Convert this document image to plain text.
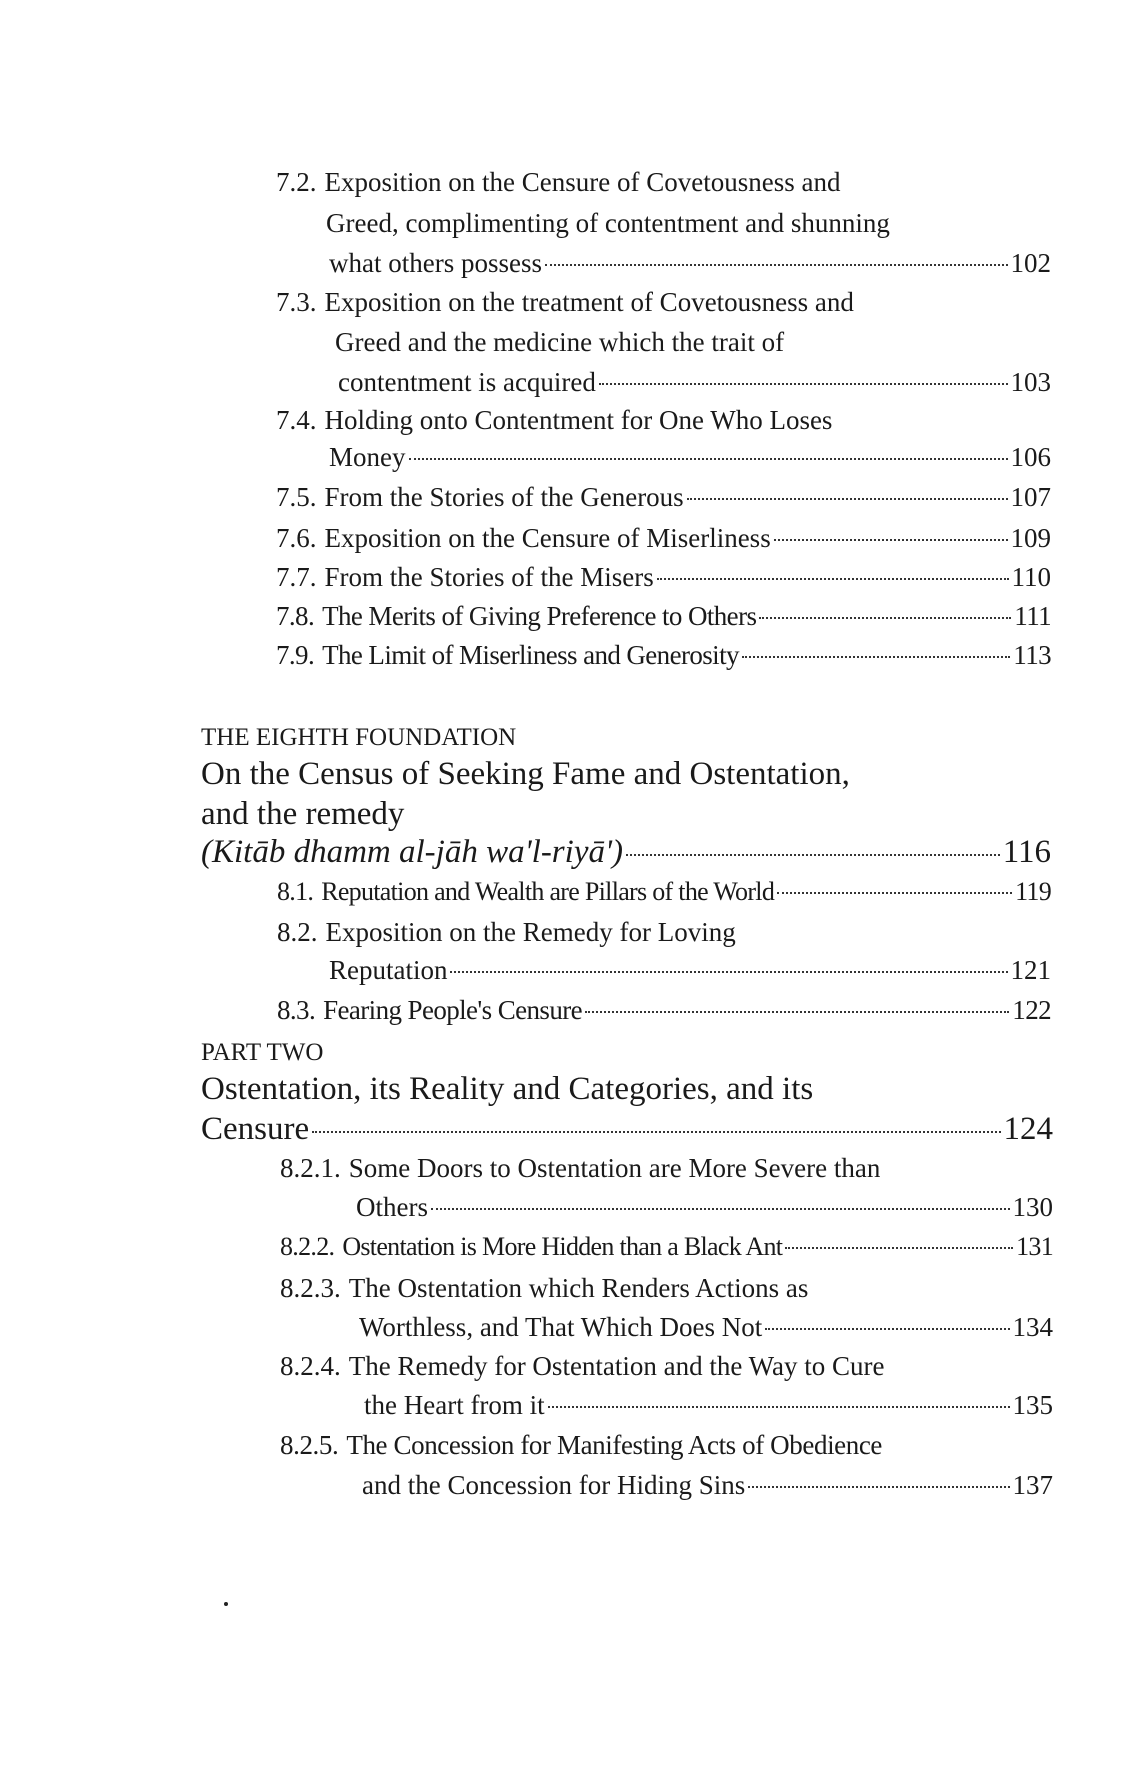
7.2. Exposition on the Censure of Covetousness and
Greed, complimenting of contentment and shunning
what others possess	102
7.3. Exposition on the treatment of Covetousness and
Greed and the medicine which the trait of
contentment is acquired	103
7.4. Holding onto Contentment for One Who Loses
Money	106
7.5. From the Stories of the Generous	107
7.6. Exposition on the Censure of Miserliness	109
7.7. From the Stories of the Misers	110
7.8. The Merits of Giving Preference to Others	111
7.9. The Limit of Miserliness and Generosity	113
THE EIGHTH FOUNDATION
On the Census of Seeking Fame and Ostentation,
and the remedy
(Kitāb dhamm al-jāh wa'l-riyā')	116
8.1. Reputation and Wealth are Pillars of the World	119
8.2. Exposition on the Remedy for Loving
Reputation	121
8.3. Fearing People's Censure	122
PART TWO
Ostentation, its Reality and Categories, and its
Censure	124
8.2.1. Some Doors to Ostentation are More Severe than
Others	130
8.2.2. Ostentation is More Hidden than a Black Ant	131
8.2.3. The Ostentation which Renders Actions as
Worthless, and That Which Does Not	134
8.2.4. The Remedy for Ostentation and the Way to Cure
the Heart from it	135
8.2.5. The Concession for Manifesting Acts of Obedience
and the Concession for Hiding Sins	137
